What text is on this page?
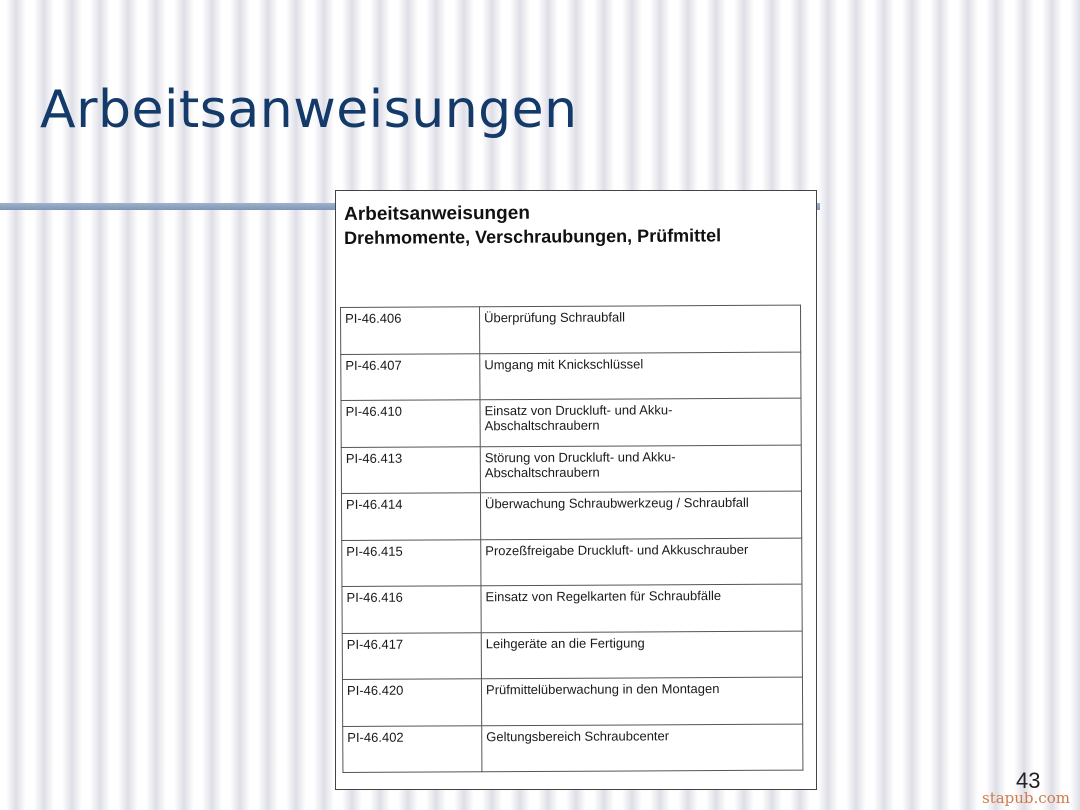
Arbeitsanweisungen
Arbeitsanweisungen
Drehmomente, Verschraubungen, Prüfmittel
PI-46.406	Überprüfung Schraubfall
PI-46.407	Umgang mit Knickschlüssel
PI-46.410	Einsatz von Druckluft- und Akku-
Abschaltschraubern
PI-46.413	Störung von Druckluft- und Akku-
Abschaltschraubern
PI-46.414	Überwachung Schraubwerkzeug / Schraubfall
PI-46.415	Prozeßfreigabe Druckluft- und Akkuschrauber
PI-46.416	Einsatz von Regelkarten für Schraubfälle
PI-46.417	Leihgeräte an die Fertigung
PI-46.420	Prüfmittelüberwachung in den Montagen
PI-46.402	Geltungsbereich Schraubcenter
43
stapub.com
